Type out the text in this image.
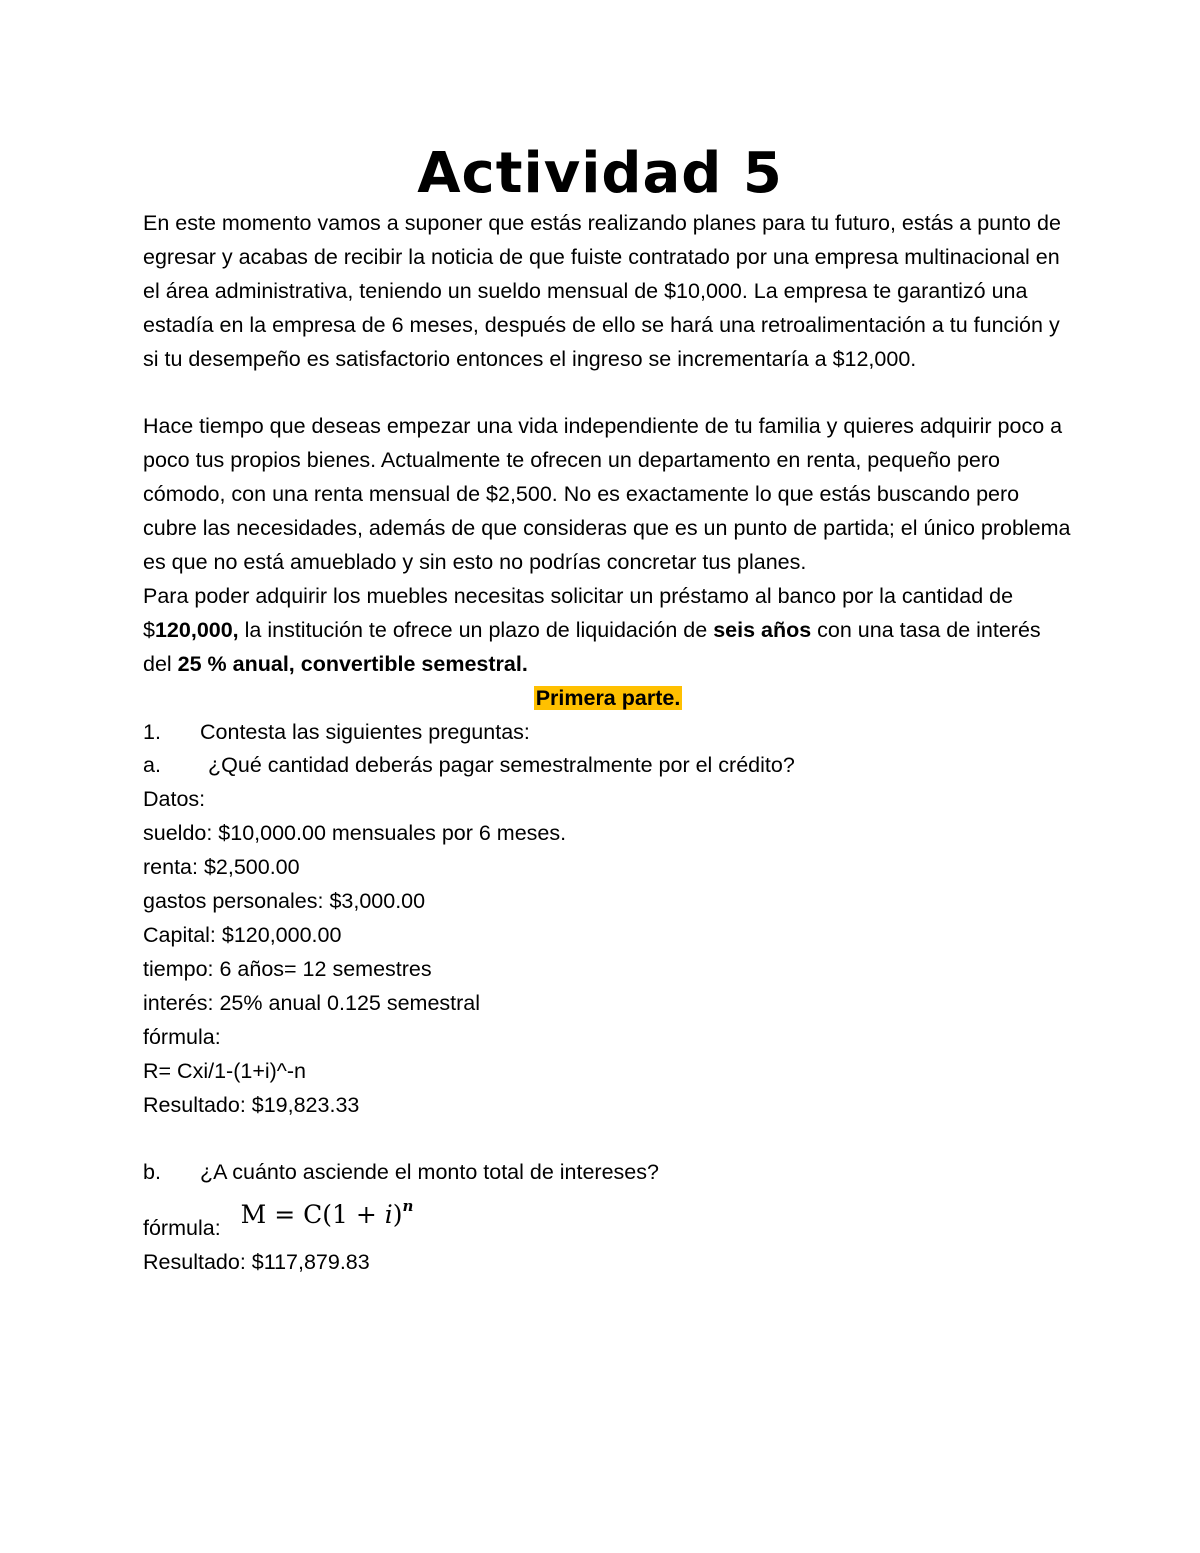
Actividad 5

En este momento vamos a suponer que estás realizando planes para tu futuro, estás a punto de egresar y acabas de recibir la noticia de que fuiste contratado por una empresa multinacional en el área administrativa, teniendo un sueldo mensual de $10,000. La empresa te garantizó una estadía en la empresa de 6 meses, después de ello se hará una retroalimentación a tu función y si tu desempeño es satisfactorio entonces el ingreso se incrementaría a $12,000.

Hace tiempo que deseas empezar una vida independiente de tu familia y quieres adquirir poco a poco tus propios bienes. Actualmente te ofrecen un departamento en renta, pequeño pero cómodo, con una renta mensual de $2,500. No es exactamente lo que estás buscando pero cubre las necesidades, además de que consideras que es un punto de partida; el único problema es que no está amueblado y sin esto no podrías concretar tus planes.

Para poder adquirir los muebles necesitas solicitar un préstamo al banco por la cantidad de $120,000, la institución te ofrece un plazo de liquidación de seis años con una tasa de interés del 25 % anual, convertible semestral.

Primera parte.

1.	Contesta las siguientes preguntas:
a.	¿Qué cantidad deberás pagar semestralmente por el crédito?

Datos:

sueldo: $10,000.00 mensuales por 6 meses.

renta: $2,500.00

gastos personales: $3,000.00

Capital: $120,000.00

tiempo: 6 años= 12 semestres

interés: 25% anual 0.125 semestral

fórmula:

R= Cxi/1-(1+i)^-n

Resultado: $19,823.33

b.	¿A cuánto asciende el monto total de intereses?
fórmula: $M = C(1 + i)^n$

Resultado: $117,879.83
